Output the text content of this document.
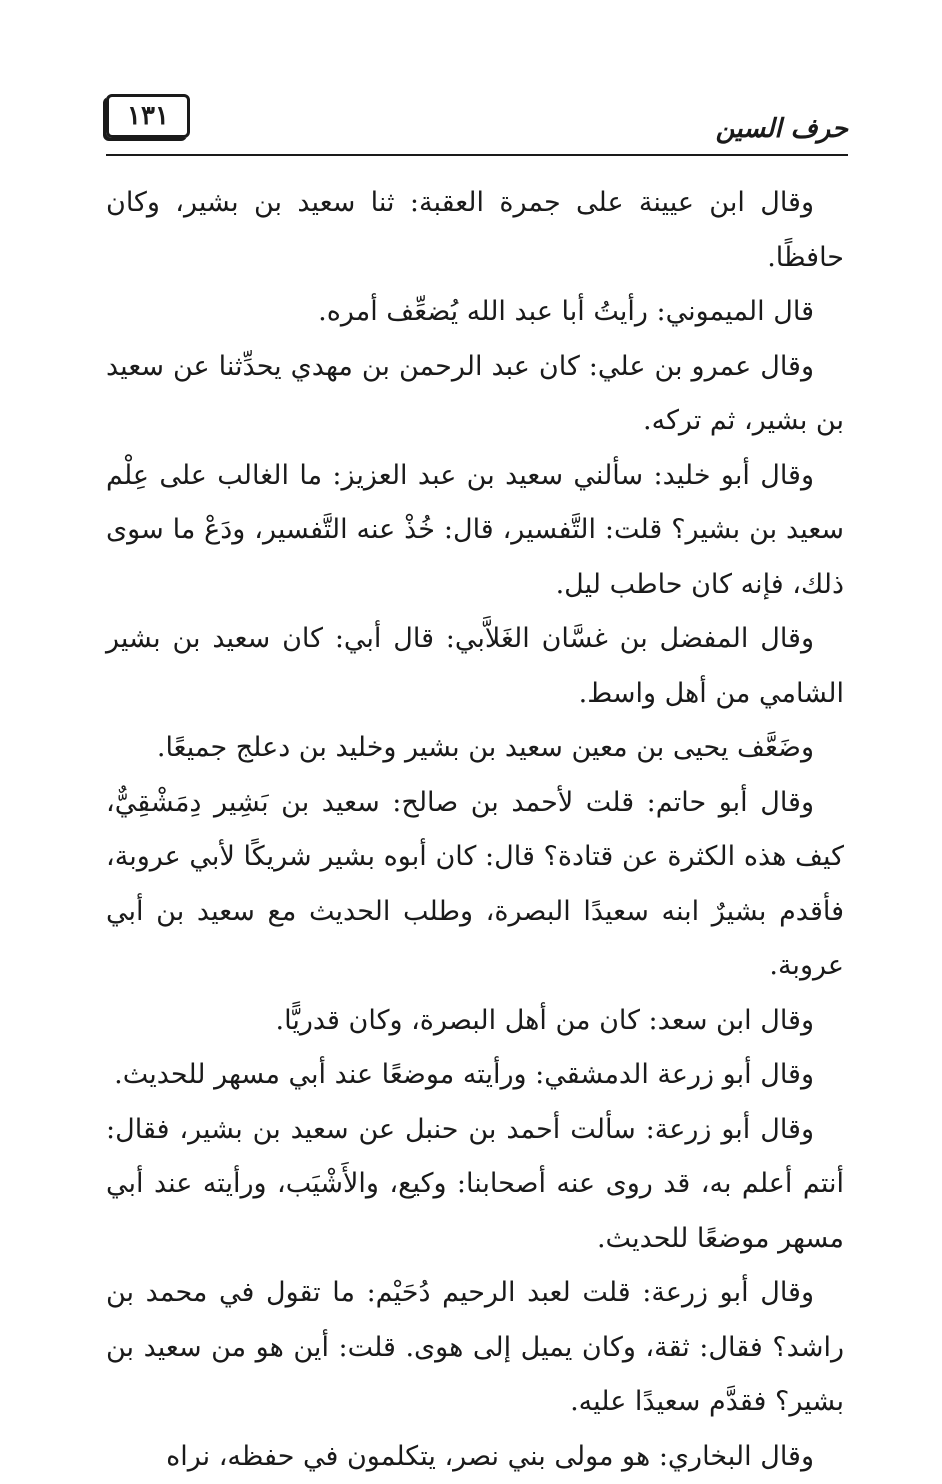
حرف السين
١٣١

وقال ابن عيينة على جمرة العقبة: ثنا سعيد بن بشير، وكان حافظًا.

قال الميموني: رأيتُ أبا عبد الله يُضعِّف أمره.

وقال عمرو بن علي: كان عبد الرحمن بن مهدي يحدِّثنا عن سعيد بن بشير، ثم تركه.

وقال أبو خليد: سألني سعيد بن عبد العزيز: ما الغالب على عِلْم سعيد بن بشير؟ قلت: التَّفسير، قال: خُذْ عنه التَّفسير، ودَعْ ما سوى ذلك، فإنه كان حاطب ليل.

وقال المفضل بن غسَّان الغَلاَّبي: قال أبي: كان سعيد بن بشير الشامي من أهل واسط.

وضَعَّف يحيى بن معين سعيد بن بشير وخليد بن دعلج جميعًا.

وقال أبو حاتم: قلت لأحمد بن صالح: سعيد بن بَشِير دِمَشْقِيٌّ، كيف هذه الكثرة عن قتادة؟ قال: كان أبوه بشير شريكًا لأبي عروبة، فأقدم بشيرٌ ابنه سعيدًا البصرة، وطلب الحديث مع سعيد بن أبي عروبة.

وقال ابن سعد: كان من أهل البصرة، وكان قدريًّا.

وقال أبو زرعة الدمشقي: ورأيته موضعًا عند أبي مسهر للحديث.

وقال أبو زرعة: سألت أحمد بن حنبل عن سعيد بن بشير، فقال: أنتم أعلم به، قد روى عنه أصحابنا: وكيع، والأَشْيَب، ورأيته عند أبي مسهر موضعًا للحديث.

وقال أبو زرعة: قلت لعبد الرحيم دُحَيْم: ما تقول في محمد بن راشد؟ فقال: ثقة، وكان يميل إلى هوى. قلت: أين هو من سعيد بن بشير؟ فقدَّم سعيدًا عليه.

وقال البخاري: هو مولى بني نصر، يتكلمون في حفظه، نراه
